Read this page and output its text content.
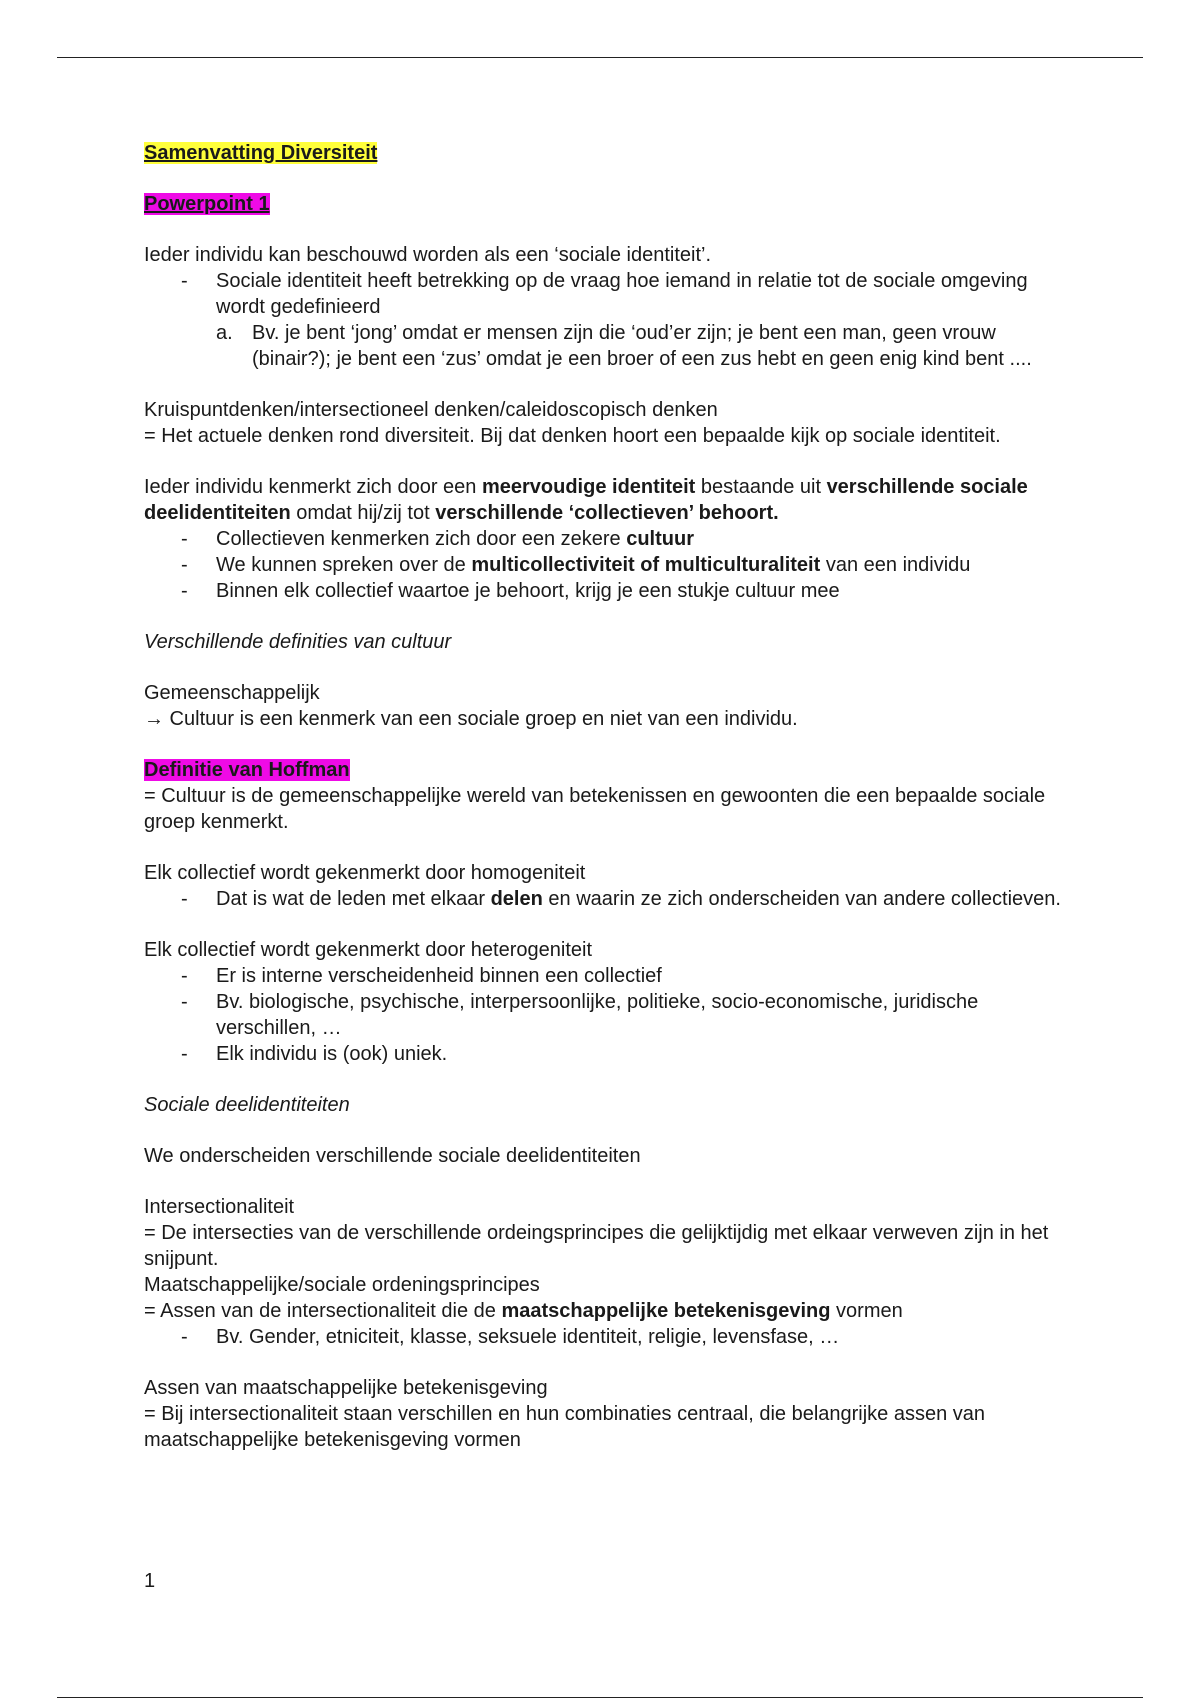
Samenvatting Diversiteit

Powerpoint 1

Ieder individu kan beschouwd worden als een ‘sociale identiteit’.

- Sociale identiteit heeft betrekking op de vraag hoe iemand in relatie tot de sociale omgeving wordt gedefinieerd
a. Bv. je bent ‘jong’ omdat er mensen zijn die ‘oud’er zijn; je bent een man, geen vrouw (binair?); je bent een ‘zus’ omdat je een broer of een zus hebt en geen enig kind bent ....

Kruispuntdenken/intersectioneel denken/caleidoscopisch denken

= Het actuele denken rond diversiteit. Bij dat denken hoort een bepaalde kijk op sociale identiteit.

Ieder individu kenmerkt zich door een meervoudige identiteit bestaande uit verschillende sociale deelidentiteiten omdat hij/zij tot verschillende ‘collectieven’ behoort.

- Collectieven kenmerken zich door een zekere cultuur
- We kunnen spreken over de multicollectiviteit of multiculturaliteit van een individu
- Binnen elk collectief waartoe je behoort, krijg je een stukje cultuur mee

Verschillende definities van cultuur

Gemeenschappelijk

→ Cultuur is een kenmerk van een sociale groep en niet van een individu.

Definitie van Hoffman

= Cultuur is de gemeenschappelijke wereld van betekenissen en gewoonten die een bepaalde sociale groep kenmerkt.

Elk collectief wordt gekenmerkt door homogeniteit

- Dat is wat de leden met elkaar delen en waarin ze zich onderscheiden van andere collectieven.

Elk collectief wordt gekenmerkt door heterogeniteit

- Er is interne verscheidenheid binnen een collectief
- Bv. biologische, psychische, interpersoonlijke, politieke, socio-economische, juridische verschillen, …
- Elk individu is (ook) uniek.

Sociale deelidentiteiten

We onderscheiden verschillende sociale deelidentiteiten

Intersectionaliteit

= De intersecties van de verschillende ordeingsprincipes die gelijktijdig met elkaar verweven zijn in het snijpunt.

Maatschappelijke/sociale ordeningsprincipes

= Assen van de intersectionaliteit die de maatschappelijke betekenisgeving vormen

- Bv. Gender, etniciteit, klasse, seksuele identiteit, religie, levensfase, …

Assen van maatschappelijke betekenisgeving

= Bij intersectionaliteit staan verschillen en hun combinaties centraal, die belangrijke assen van maatschappelijke betekenisgeving vormen

1
